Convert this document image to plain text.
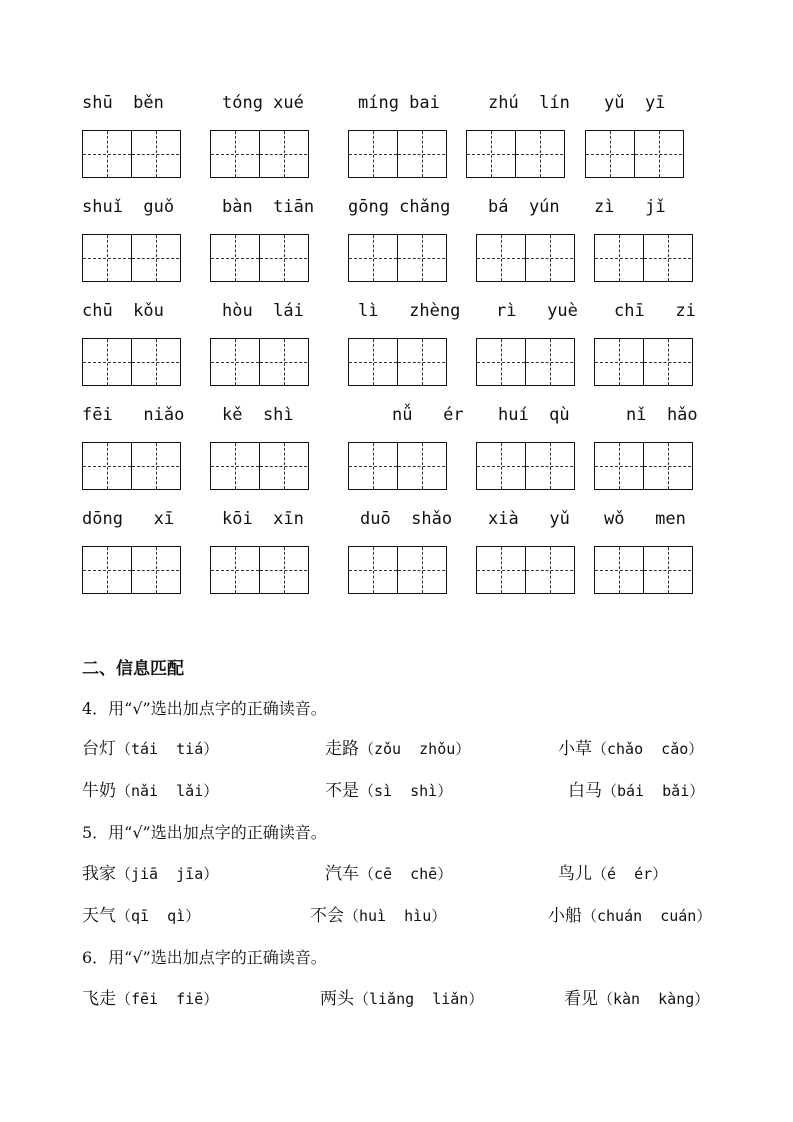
shū  běn	tóng xué	míng bai	zhú  lín yǔ  yī
shuǐ  guǒ	bàn  tiān gōng chǎng bá  yún zì   jǐ
chū  kǒu	hòu  lái	lì   zhèng rì   yuè chī   zi
fēi   niǎo kě  shì	nǚ   ér huí  qù	nǐ  hǎo
dōng   xī	kōi  xīn	duō  shǎo xià   yǔ wǒ   men
二、信息匹配
4．用“√”选出加点字的正确读音。
台灯（tái  tiá）	走路（zǒu  zhǒu）	小草（chǎo  cǎo）
牛奶（nǎi  lǎi）	不是（sì  shì）	白马（bái  bǎi）
5．用“√”选出加点字的正确读音。
我家（jiā  jīa）	汽车（cē  chē）	鸟儿（é  ér）
天气（qī  qì）	不会（huì  hìu）	小船（chuán  cuán）
6．用“√”选出加点字的正确读音。
飞走（fēi  fiē）	两头（liǎng  liǎn）	看见（kàn  kàng）
